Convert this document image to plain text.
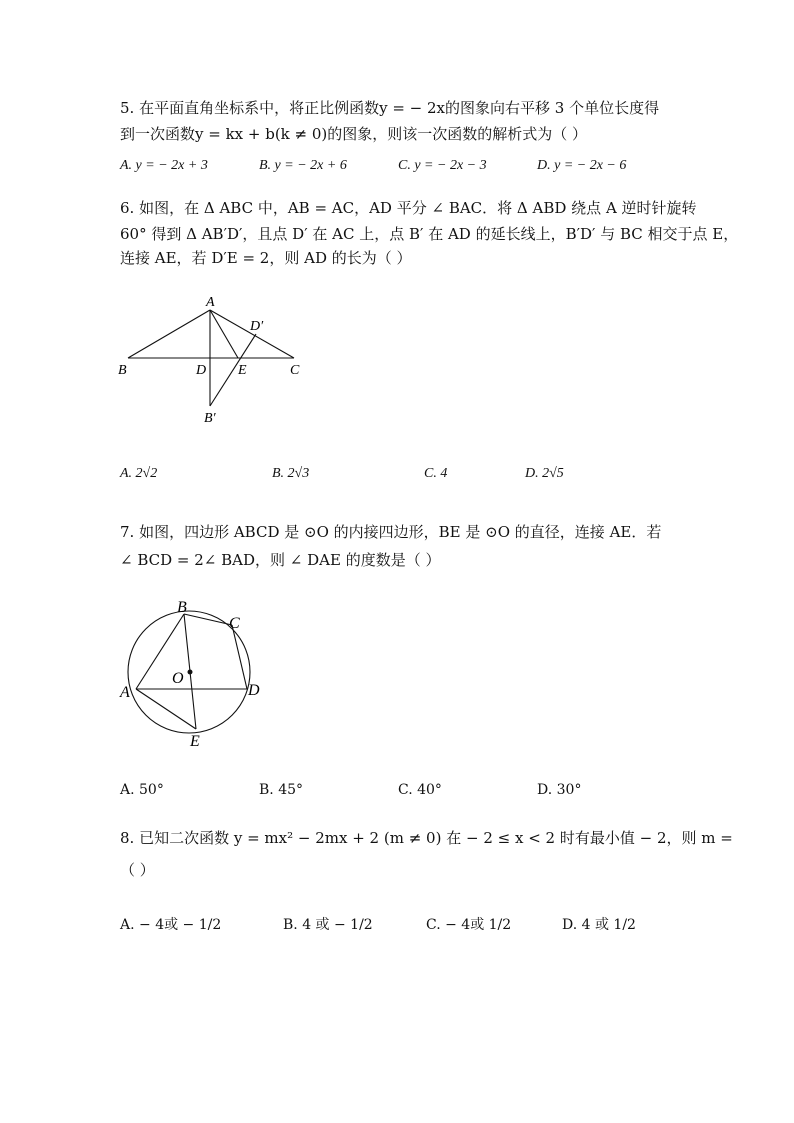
5. 在平面直角坐标系中，将正比例函数y = − 2x的图象向右平移 3 个单位长度得
到一次函数y = kx + b(k ≠ 0)的图象，则该一次函数的解析式为（ ）
A. y = − 2x + 3	B. y = − 2x + 6	C. y = − 2x − 3	D. y = − 2x − 6
6. 如图，在 Δ ABC 中，AB = AC，AD 平分 ∠ BAC．将 Δ ABD 绕点 A 逆时针旋转
60° 得到 Δ AB′D′，且点 D′ 在 AC 上，点 B′ 在 AD 的延长线上，B′D′ 与 BC 相交于点 E，
连接 AE，若 D′E = 2，则 AD 的长为（ ）
A
B	C
D E
D′
B′
A. 2√2	B. 2√3	C. 4	D. 2√5
7. 如图，四边形 ABCD 是 ⊙O 的内接四边形，BE 是 ⊙O 的直径，连接 AE．若
∠ BCD = 2∠ BAD，则 ∠ DAE 的度数是（ ）
B
C
O
A	D
E
A. 50°	B. 45°	C. 40°	D. 30°
8. 已知二次函数 y = mx² − 2mx + 2 (m ≠ 0) 在 − 2 ≤ x < 2 时有最小值 − 2，则 m =
（ ）
A. − 4或 − 1/2	B. 4 或 − 1/2	C. − 4或 1/2	D. 4 或 1/2
